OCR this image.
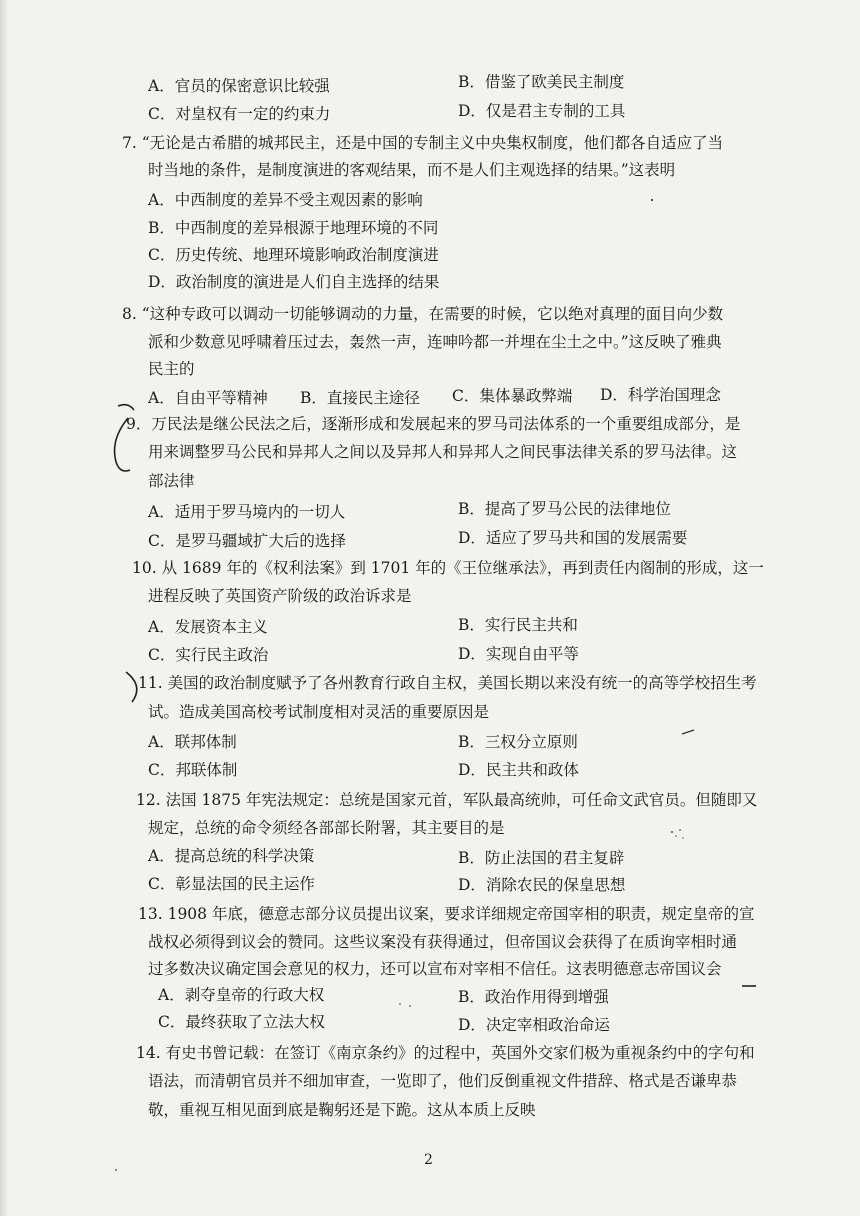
A．官员的保密意识比较强	B．借鉴了欧美民主制度
C．对皇权有一定的约束力	D．仅是君主专制的工具
7. “无论是古希腊的城邦民主，还是中国的专制主义中央集权制度，他们都各自适应了当
时当地的条件，是制度演进的客观结果，而不是人们主观选择的结果。”这表明
A．中西制度的差异不受主观因素的影响
B．中西制度的差异根源于地理环境的不同
C．历史传统、地理环境影响政治制度演进
D．政治制度的演进是人们自主选择的结果
8. “这种专政可以调动一切能够调动的力量，在需要的时候，它以绝对真理的面目向少数
派和少数意见呼啸着压过去，轰然一声，连呻吟都一并埋在尘土之中。”这反映了雅典
民主的
A．自由平等精神 B．直接民主途径 C．集体暴政弊端 D．科学治国理念
9．万民法是继公民法之后，逐渐形成和发展起来的罗马司法体系的一个重要组成部分，是
用来调整罗马公民和异邦人之间以及异邦人和异邦人之间民事法律关系的罗马法律。这
部法律
A．适用于罗马境内的一切人	B．提高了罗马公民的法律地位
C．是罗马疆域扩大后的选择	D．适应了罗马共和国的发展需要
10. 从 1689 年的《权利法案》到 1701 年的《王位继承法》，再到责任内阁制的形成，这一
进程反映了英国资产阶级的政治诉求是
A．发展资本主义	B．实行民主共和
C．实行民主政治	D．实现自由平等
11. 美国的政治制度赋予了各州教育行政自主权，美国长期以来没有统一的高等学校招生考
试。造成美国高校考试制度相对灵活的重要原因是
A．联邦体制	B．三权分立原则
C．邦联体制	D．民主共和政体
12. 法国 1875 年宪法规定：总统是国家元首，军队最高统帅，可任命文武官员。但随即又
规定，总统的命令须经各部部长附署，其主要目的是
A．提高总统的科学决策	B．防止法国的君主复辟
C．彰显法国的民主运作	D．消除农民的保皇思想
13. 1908 年底，德意志部分议员提出议案，要求详细规定帝国宰相的职责，规定皇帝的宣
战权必须得到议会的赞同。这些议案没有获得通过，但帝国议会获得了在质询宰相时通
过多数决议确定国会意见的权力，还可以宣布对宰相不信任。这表明德意志帝国议会
A．剥夺皇帝的行政大权	B．政治作用得到增强
C．最终获取了立法大权	D．决定宰相政治命运
14. 有史书曾记载：在签订《南京条约》的过程中，英国外交家们极为重视条约中的字句和
语法，而清朝官员并不细加审查，一览即了，他们反倒重视文件措辞、格式是否谦卑恭
敬，重视互相见面到底是鞠躬还是下跪。这从本质上反映
2
